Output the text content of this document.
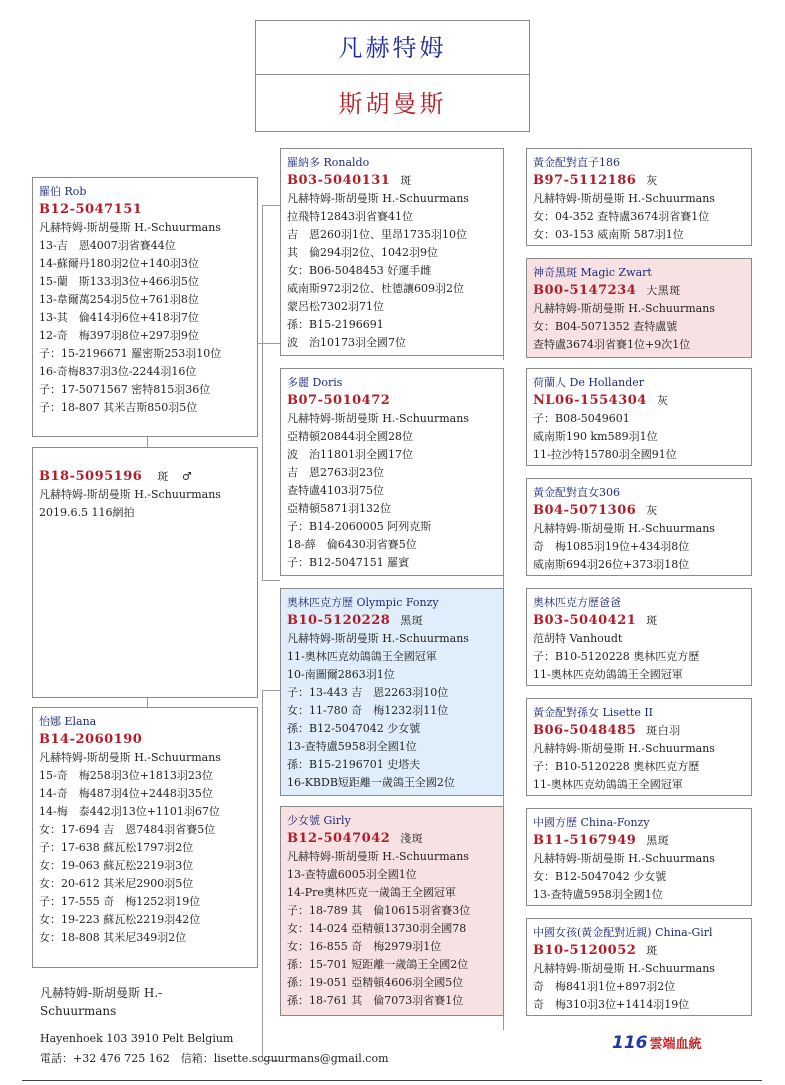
凡赫特姆
斯胡曼斯
羅伯 Rob
B12-5047151
凡赫特姆-斯胡曼斯 H.-Schuurmans
13-吉　恩4007羽省賽44位
14-蘇爾丹180羽2位+140羽3位
15-蘭　斯133羽3位+466羽5位
13-韋爾萬254羽5位+761羽8位
13-其　倫414羽6位+418羽7位
12-奇　梅397羽8位+297羽9位
子：15-2196671 羅密斯253羽10位
16-奇梅837羽3位-2244羽16位
子：17-5071567 密特815羽36位
子：18-807 其米吉斯850羽5位
B18-5095196 斑 ♂
凡赫特姆-斯胡曼斯 H.-Schuurmans
2019.6.5 116網拍
怡娜 Elana
B14-2060190
凡赫特姆-斯胡曼斯 H.-Schuurmans
15-奇　梅258羽3位+1813羽23位
14-奇　梅487羽4位+2448羽35位
14-梅　泰442羽13位+1101羽67位
女：17-694 吉　恩7484羽省賽5位
子：17-638 蘇瓦松1797羽2位
女：19-063 蘇瓦松2219羽3位
女：20-612 其米尼2900羽5位
子：17-555 奇　梅1252羽19位
女：19-223 蘇瓦松2219羽42位
女：18-808 其米尼349羽2位
羅納多 Ronaldo
B03-5040131 斑
凡赫特姆-斯胡曼斯 H.-Schuurmans
拉飛特12843羽省賽41位
吉　恩260羽1位、里昂1735羽10位
其　倫294羽2位、1042羽9位
女：B06-5048453 好運手雌
威南斯972羽2位、杜德讓609羽2位
蒙呂松7302羽71位
孫：B15-2196691
波　治10173羽全國7位
多麗 Doris
B07-5010472
凡赫特姆-斯胡曼斯 H.-Schuurmans
亞精頓20844羽全國28位
波　治11801羽全國17位
吉　恩2763羽23位
查特盧4103羽75位
亞精頓5871羽132位
子：B14-2060005 阿列克斯
18-薛　倫6430羽省賽5位
子：B12-5047151 羅賓
奧林匹克方歷 Olympic Fonzy
B10-5120228 黑斑
凡赫特姆-斯胡曼斯 H.-Schuurmans
11-奧林匹克幼鴿鴿王全國冠軍
10-南圖爾2863羽1位
子：13-443 吉　恩2263羽10位
女：11-780 奇　梅1232羽11位
孫：B12-5047042 少女號
13-查特盧5958羽全國1位
孫：B15-2196701 史塔夫
16-KBDB短距離一歲鴿王全國2位
少女號 Girly
B12-5047042 淺斑
凡赫特姆-斯胡曼斯 H.-Schuurmans
13-查特盧6005羽全國1位
14-Pre奧林匹克一歲鴿王全國冠軍
子：18-789 其　倫10615羽省賽3位
女：14-024 亞精頓13730羽全國78
女：16-855 奇　梅2979羽1位
孫：15-701 短距離一歲鴿王全國2位
孫：19-051 亞精頓4606羽全國5位
孫：18-761 其　倫7073羽省賽1位
黃金配對直子186
B97-5112186 灰
凡赫特姆-斯胡曼斯 H.-Schuurmans
女：04-352 查特盧3674羽省賽1位
女：03-153 威南斯 587羽1位
神奇黑斑 Magic Zwart
B00-5147234 大黑斑
凡赫特姆-斯胡曼斯 H.-Schuurmans
女：B04-5071352 查特盧號
查特盧3674羽省賽1位+9次1位
荷蘭人 De Hollander
NL06-1554304 灰
子：B08-5049601
威南斯190 km589羽1位
11-拉沙特15780羽全國91位
黃金配對直女306
B04-5071306 灰
凡赫特姆-斯胡曼斯 H.-Schuurmans
奇　梅1085羽19位+434羽8位
威南斯694羽26位+373羽18位
奧林匹克方歷爸爸
B03-5040421 斑
范胡特 Vanhoudt
子：B10-5120228 奧林匹克方歷
11-奧林匹克幼鴿鴿王全國冠軍
黃金配對孫女 Lisette II
B06-5048485 斑白羽
凡赫特姆-斯胡曼斯 H.-Schuurmans
子：B10-5120228 奧林匹克方歷
11-奧林匹克幼鴿鴿王全國冠軍
中國方歷 China-Fonzy
B11-5167949 黑斑
凡赫特姆-斯胡曼斯 H.-Schuurmans
女：B12-5047042 少女號
13-查特盧5958羽全國1位
中國女孩(黃金配對近親) China-Girl
B10-5120052 斑
凡赫特姆-斯胡曼斯 H.-Schuurmans
奇　梅841羽1位+897羽2位
奇　梅310羽3位+1414羽19位
凡赫特姆-斯胡曼斯 H.-
Schuurmans
Hayenhoek 103 3910 Pelt Belgium
電話：+32 476 725 162　信箱：lisette.scguurmans@gmail.com
116 雲端血統
